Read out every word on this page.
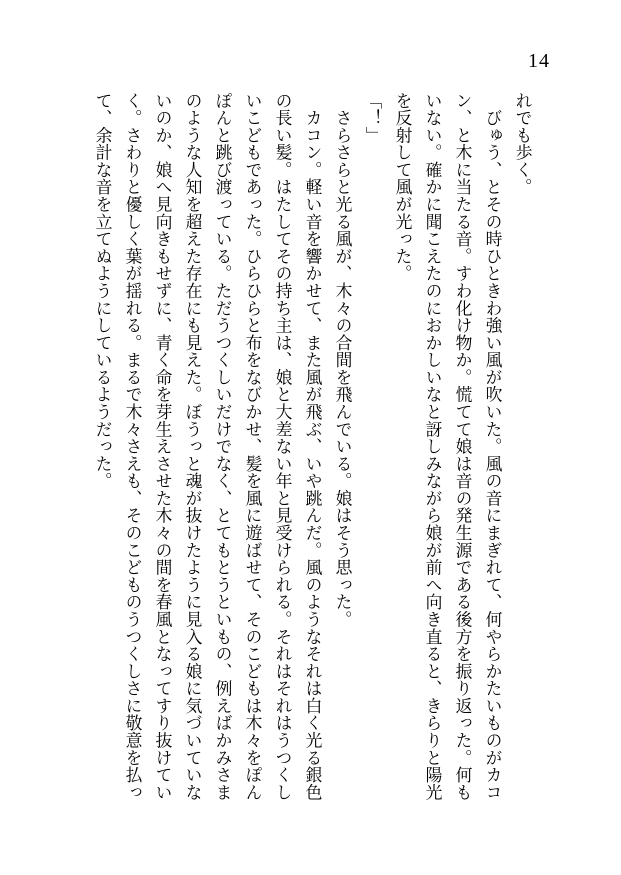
14

れでも歩く。

　びゅう、とその時ひときわ強い風が吹いた。風の音にまぎれて、何やらかたいものがカコン、と木に当たる音。すわ化け物か。慌てて娘は音の発生源である後方を振り返った。何もいない。確かに聞こえたのにおかしいなと訝しみながら娘が前へ向き直ると、きらりと陽光を反射して風が光った。

「！」

　さらさらと光る風が、木々の合間を飛んでいる。娘はそう思った。

　カコン。軽い音を響かせて、また風が飛ぶ、いや跳んだ。風のようなそれは白く光る銀色の長い髪。はたしてその持ち主は、娘と大差ない年と見受けられる。それはそれはうつくしいこどもであった。ひらひらと布をなびかせ、髪を風に遊ばせて、そのこどもは木々をぽんぽんと跳び渡っている。ただうつくしいだけでなく、とてもとうといもの、例えばかみさまのような人知を超えた存在にも見えた。ぼうっと魂が抜けたように見入る娘に気づいていないのか、娘へ見向きもせずに、青く命を芽生えさせた木々の間を春風となってすり抜けていく。さわりと優しく葉が揺れる。まるで木々さえも、そのこどものうつくしさに敬意を払って、余計な音を立てぬようにしているようだった。
